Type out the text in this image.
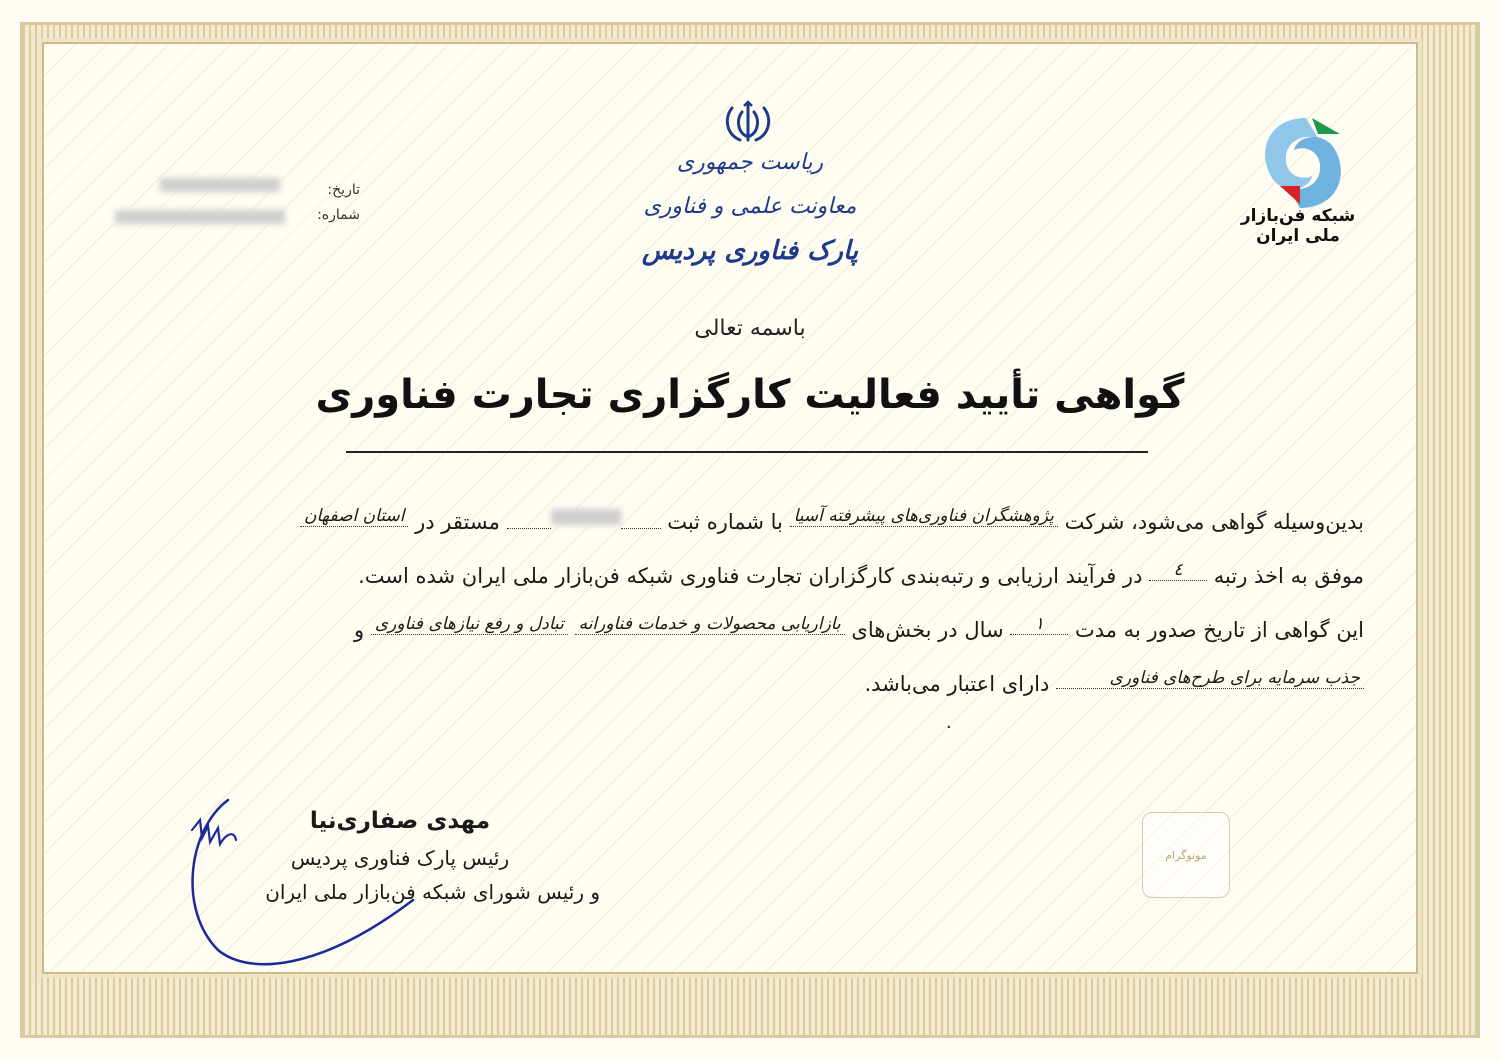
ریاست جمهوری
معاونت علمی و فناوری
پارک فناوری پردیس
شبکه فن‌بازار ملی ایران
تاریخ:
شماره:
باسمه تعالی
گواهی تأیید فعالیت کارگزاری تجارت فناوری
بدین‌وسیله گواهی می‌شود، شرکت پژوهشگران فناوری‌های پیشرفته آسیا با شماره ثبت  مستقر در استان اصفهان
موفق به اخذ رتبه ٤ در فرآیند ارزیابی و رتبه‌بندی کارگزاران تجارت فناوری شبکه فن‌بازار ملی ایران شده است.
این گواهی از تاریخ صدور به مدت ١ سال در بخش‌های بازاریابی محصولات و خدمات فناورانه تبادل و رفع نیازهای فناوری و
جذب سرمایه برای طرح‌های فناوری دارای اعتبار می‌باشد.
.
مهدی صفاری‌نیا
رئیس پارک فناوری پردیس
و رئیس شورای شبکه فن‌بازار ملی ایران
مونوگرام
